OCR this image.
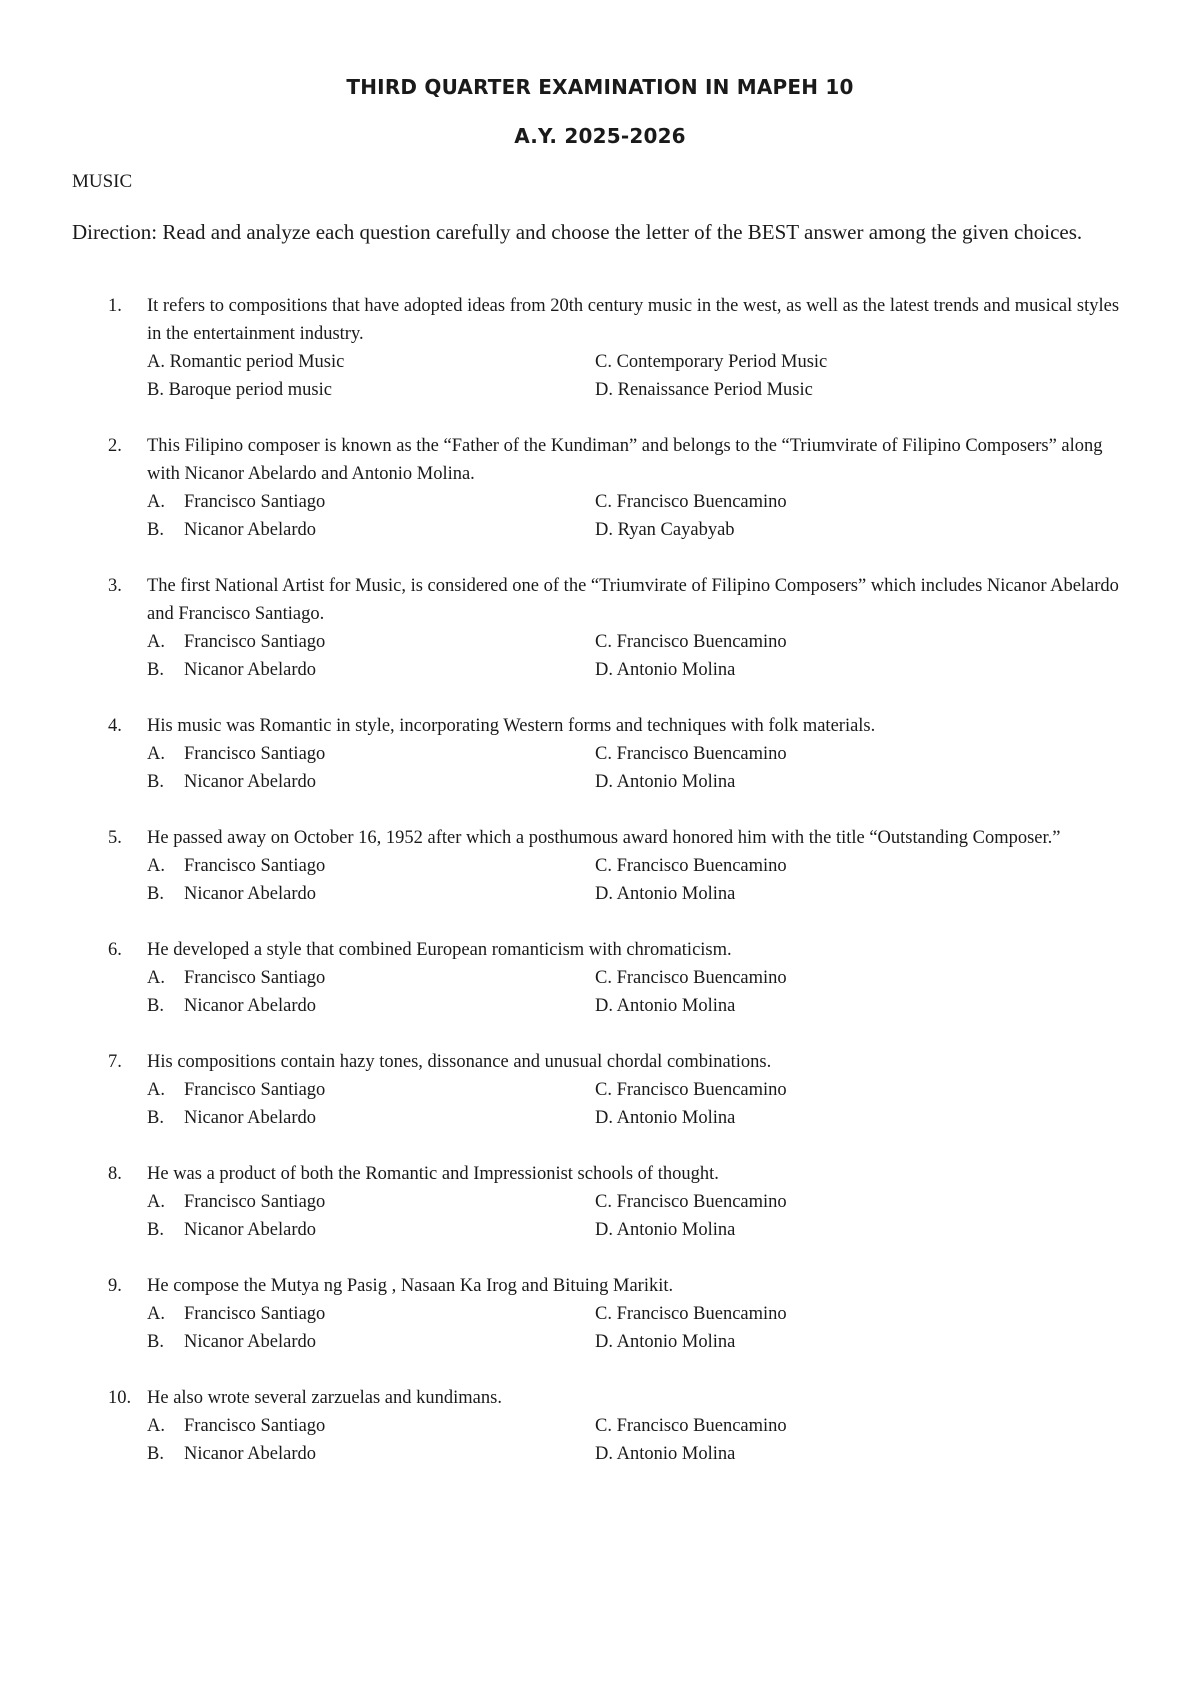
THIRD QUARTER EXAMINATION IN MAPEH 10
A.Y. 2025-2026
MUSIC
Direction: Read and analyze each question carefully and choose the letter of the BEST answer among the given choices.
1.	It refers to compositions that have adopted ideas from 20th century music in the west, as well as the latest trends and musical styles in the entertainment industry.
A. Romantic period Music	C. Contemporary Period Music
B. Baroque period music	D. Renaissance Period Music
2.	This Filipino composer is known as the “Father of the Kundiman” and belongs to the “Triumvirate of Filipino Composers” along with Nicanor Abelardo and Antonio Molina.
A. Francisco Santiago	C. Francisco Buencamino
B. Nicanor Abelardo	D. Ryan Cayabyab
3.	The first National Artist for Music, is considered one of the “Triumvirate of Filipino Composers” which includes Nicanor Abelardo and Francisco Santiago.
A. Francisco Santiago	C. Francisco Buencamino
B. Nicanor Abelardo	D. Antonio Molina
4.	His music was Romantic in style, incorporating Western forms and techniques with folk materials.
A. Francisco Santiago	C. Francisco Buencamino
B. Nicanor Abelardo	D. Antonio Molina
5.	He passed away on October 16, 1952 after which a posthumous award honored him with the title “Outstanding Composer.”
A. Francisco Santiago	C. Francisco Buencamino
B. Nicanor Abelardo	D. Antonio Molina
6.	He developed a style that combined European romanticism with chromaticism.
A. Francisco Santiago	C. Francisco Buencamino
B. Nicanor Abelardo	D. Antonio Molina
7.	His compositions contain hazy tones, dissonance and unusual chordal combinations.
A. Francisco Santiago	C. Francisco Buencamino
B. Nicanor Abelardo	D. Antonio Molina
8.	He was a product of both the Romantic and Impressionist schools of thought.
A. Francisco Santiago	C. Francisco Buencamino
B. Nicanor Abelardo	D. Antonio Molina
9.	He compose the Mutya ng Pasig , Nasaan Ka Irog and Bituing Marikit.
A. Francisco Santiago	C. Francisco Buencamino
B. Nicanor Abelardo	D. Antonio Molina
10. He also wrote several zarzuelas and kundimans.
A. Francisco Santiago	C. Francisco Buencamino
B. Nicanor Abelardo	D. Antonio Molina
